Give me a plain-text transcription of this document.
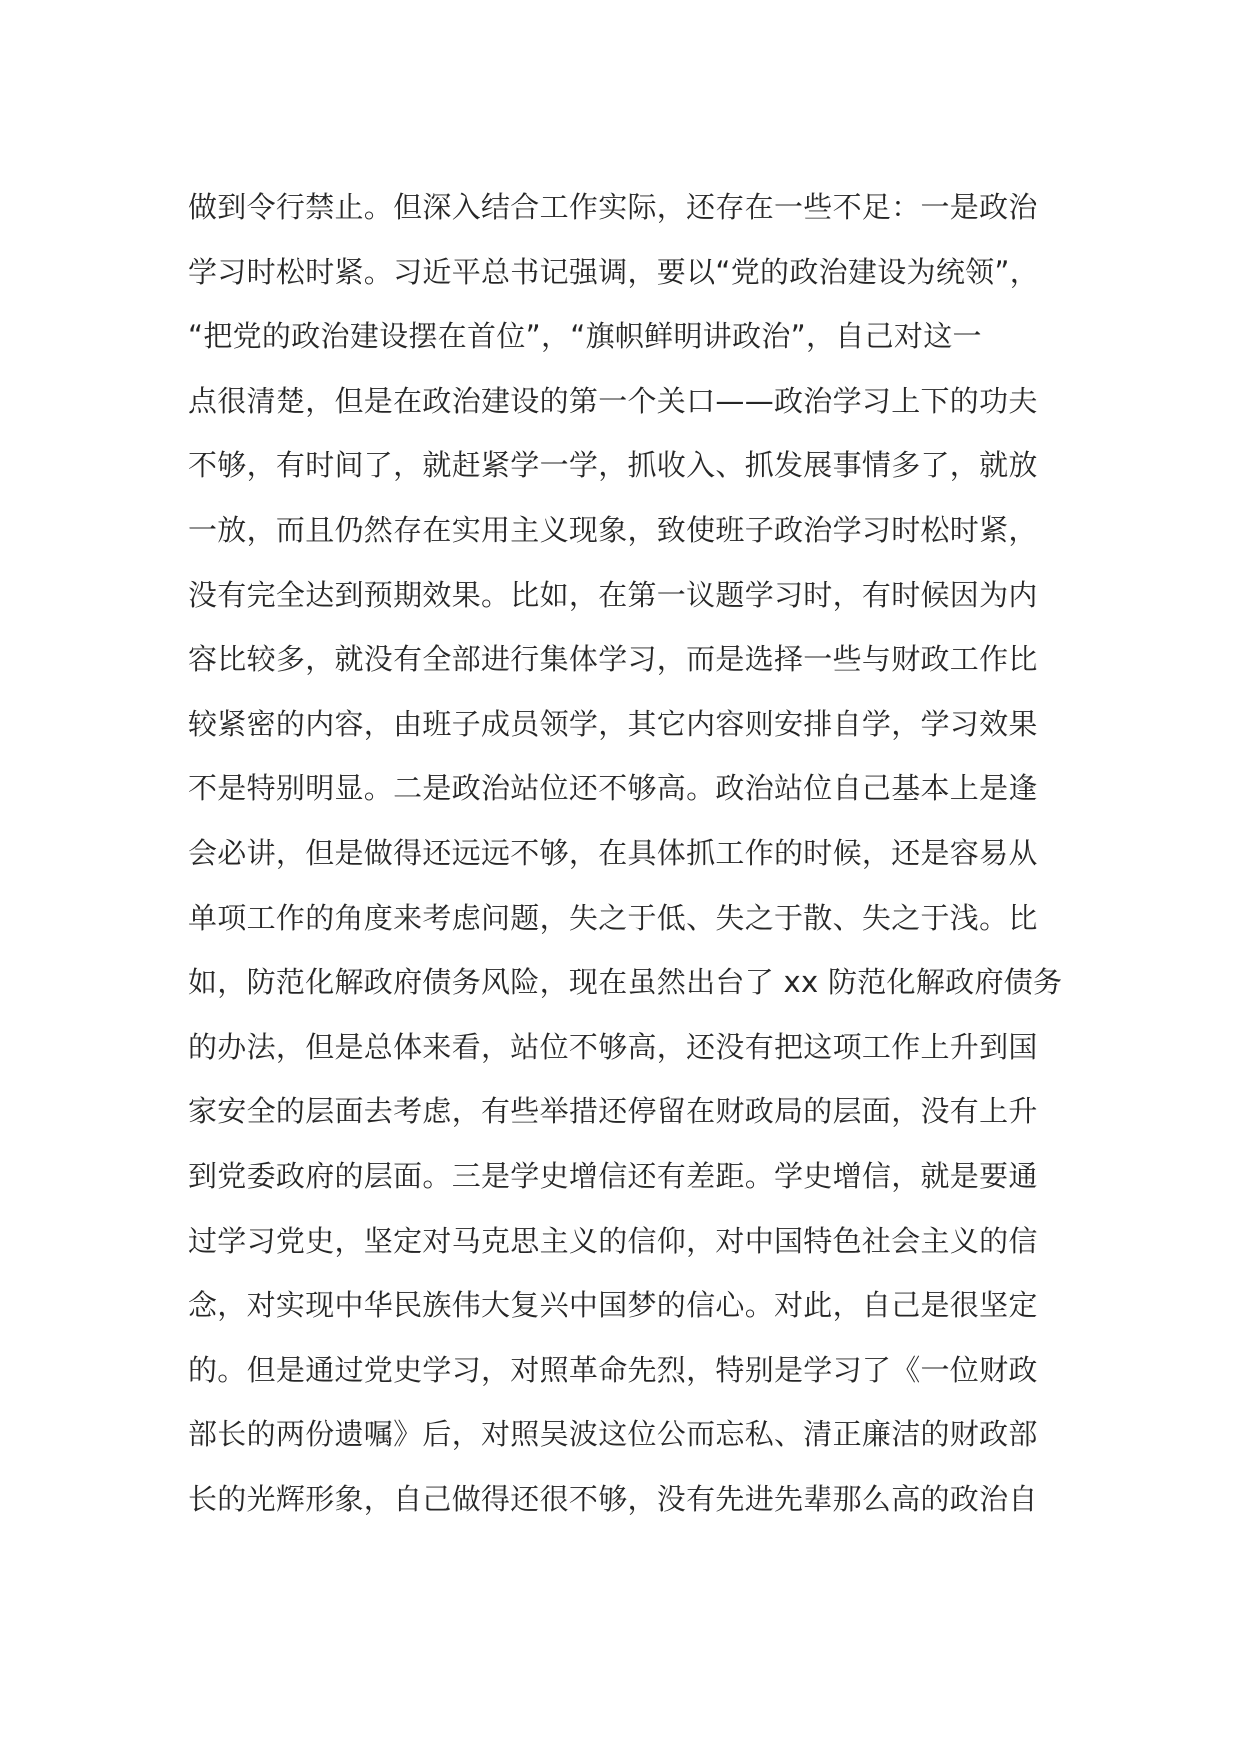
做到令行禁止。但深入结合工作实际，还存在一些不足：一是政治
学习时松时紧。习近平总书记强调，要以“党的政治建设为统领”，
“把党的政治建设摆在首位”，“旗帜鲜明讲政治”，自己对这一
点很清楚，但是在政治建设的第一个关口——政治学习上下的功夫
不够，有时间了，就赶紧学一学，抓收入、抓发展事情多了，就放
一放，而且仍然存在实用主义现象，致使班子政治学习时松时紧，
没有完全达到预期效果。比如，在第一议题学习时，有时候因为内
容比较多，就没有全部进行集体学习，而是选择一些与财政工作比
较紧密的内容，由班子成员领学，其它内容则安排自学，学习效果
不是特别明显。二是政治站位还不够高。政治站位自己基本上是逢
会必讲，但是做得还远远不够，在具体抓工作的时候，还是容易从
单项工作的角度来考虑问题，失之于低、失之于散、失之于浅。比
如，防范化解政府债务风险，现在虽然出台了 xx 防范化解政府债务
的办法，但是总体来看，站位不够高，还没有把这项工作上升到国
家安全的层面去考虑，有些举措还停留在财政局的层面，没有上升
到党委政府的层面。三是学史增信还有差距。学史增信，就是要通
过学习党史，坚定对马克思主义的信仰，对中国特色社会主义的信
念，对实现中华民族伟大复兴中国梦的信心。对此，自己是很坚定
的。但是通过党史学习，对照革命先烈，特别是学习了《一位财政
部长的两份遗嘱》后，对照吴波这位公而忘私、清正廉洁的财政部
长的光辉形象，自己做得还很不够，没有先进先辈那么高的政治自
